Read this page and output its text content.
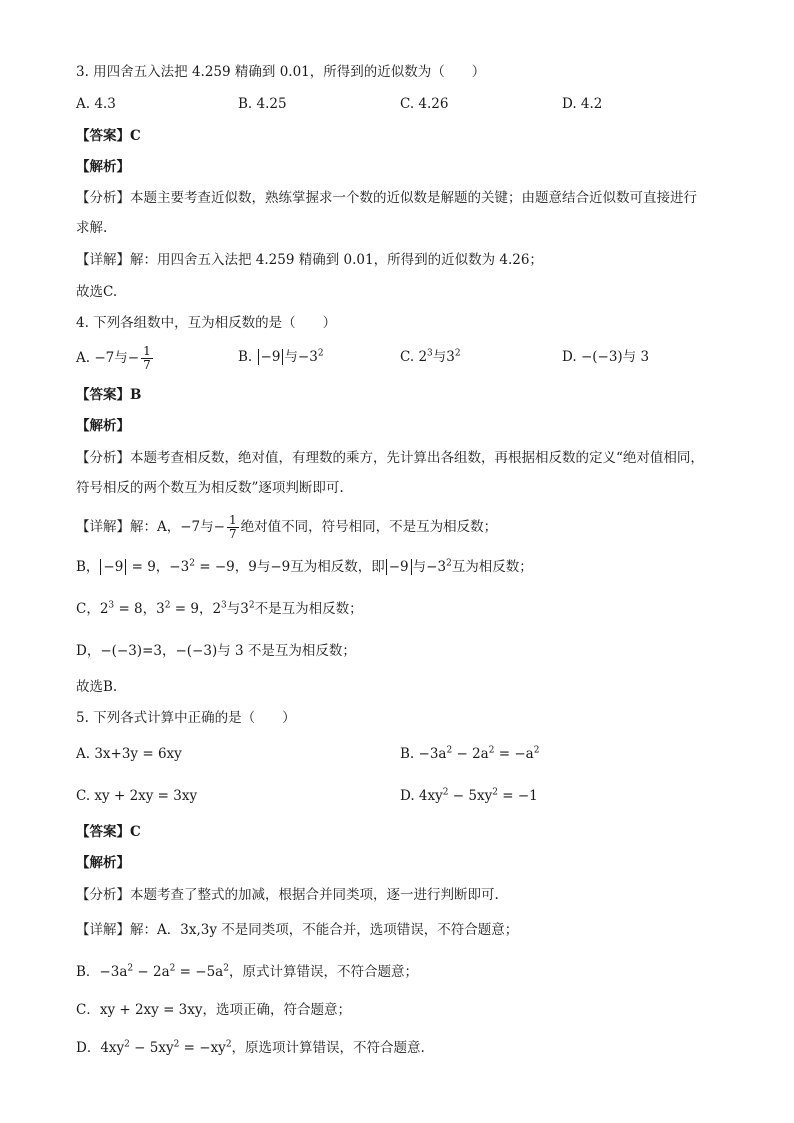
3. 用四舍五入法把 4.259 精确到 0.01，所得到的近似数为（　　）
A. 4.3	B. 4.25	C. 4.26	D. 4.2
【答案】C
【解析】
【分析】本题主要考查近似数，熟练掌握求一个数的近似数是解题的关键；由题意结合近似数可直接进行
求解.
【详解】解：用四舍五入法把 4.259 精确到 0.01，所得到的近似数为 4.26；
故选C.
4. 下列各组数中，互为相反数的是（　　）
A. −7与− $\frac{1}{7}$	B. −9 与$-3^2$	C. $2^3$与$3^2$	D. −(−3)与 3
【答案】B
【解析】
【分析】本题考查相反数，绝对值，有理数的乘方，先计算出各组数，再根据相反数的定义“绝对值相同，
符号相反的两个数互为相反数”逐项判断即可.
【详解】解：A，−7与− $\frac{1}{7}$ 绝对值不同，符号相同，不是互为相反数；
B， −9 = 9，$-3^2 = -9$，9与−9互为相反数，即 −9 与$-3^2$互为相反数；
C，$2^3 = 8$，$3^2 = 9$，$2^3$与$3^2$不是互为相反数；
D，−(−3)=3，−(−3)与 3 不是互为相反数；
故选B.
5. 下列各式计算中正确的是（　　）
A. 3x+3y = 6xy	B. $-3a^2 - 2a^2 = -a^2$
C. xy + 2xy = 3xy	D. $4xy^2 - 5xy^2 = -1$
【答案】C
【解析】
【分析】本题考查了整式的加减，根据合并同类项，逐一进行判断即可.
【详解】解：A．3x,3y 不是同类项，不能合并，选项错误，不符合题意；
B．$-3a^2 - 2a^2 = -5a^2$，原式计算错误，不符合题意；
C．xy + 2xy = 3xy，选项正确，符合题意；
D．$4xy^2 - 5xy^2 = -xy^2$，原选项计算错误，不符合题意.
